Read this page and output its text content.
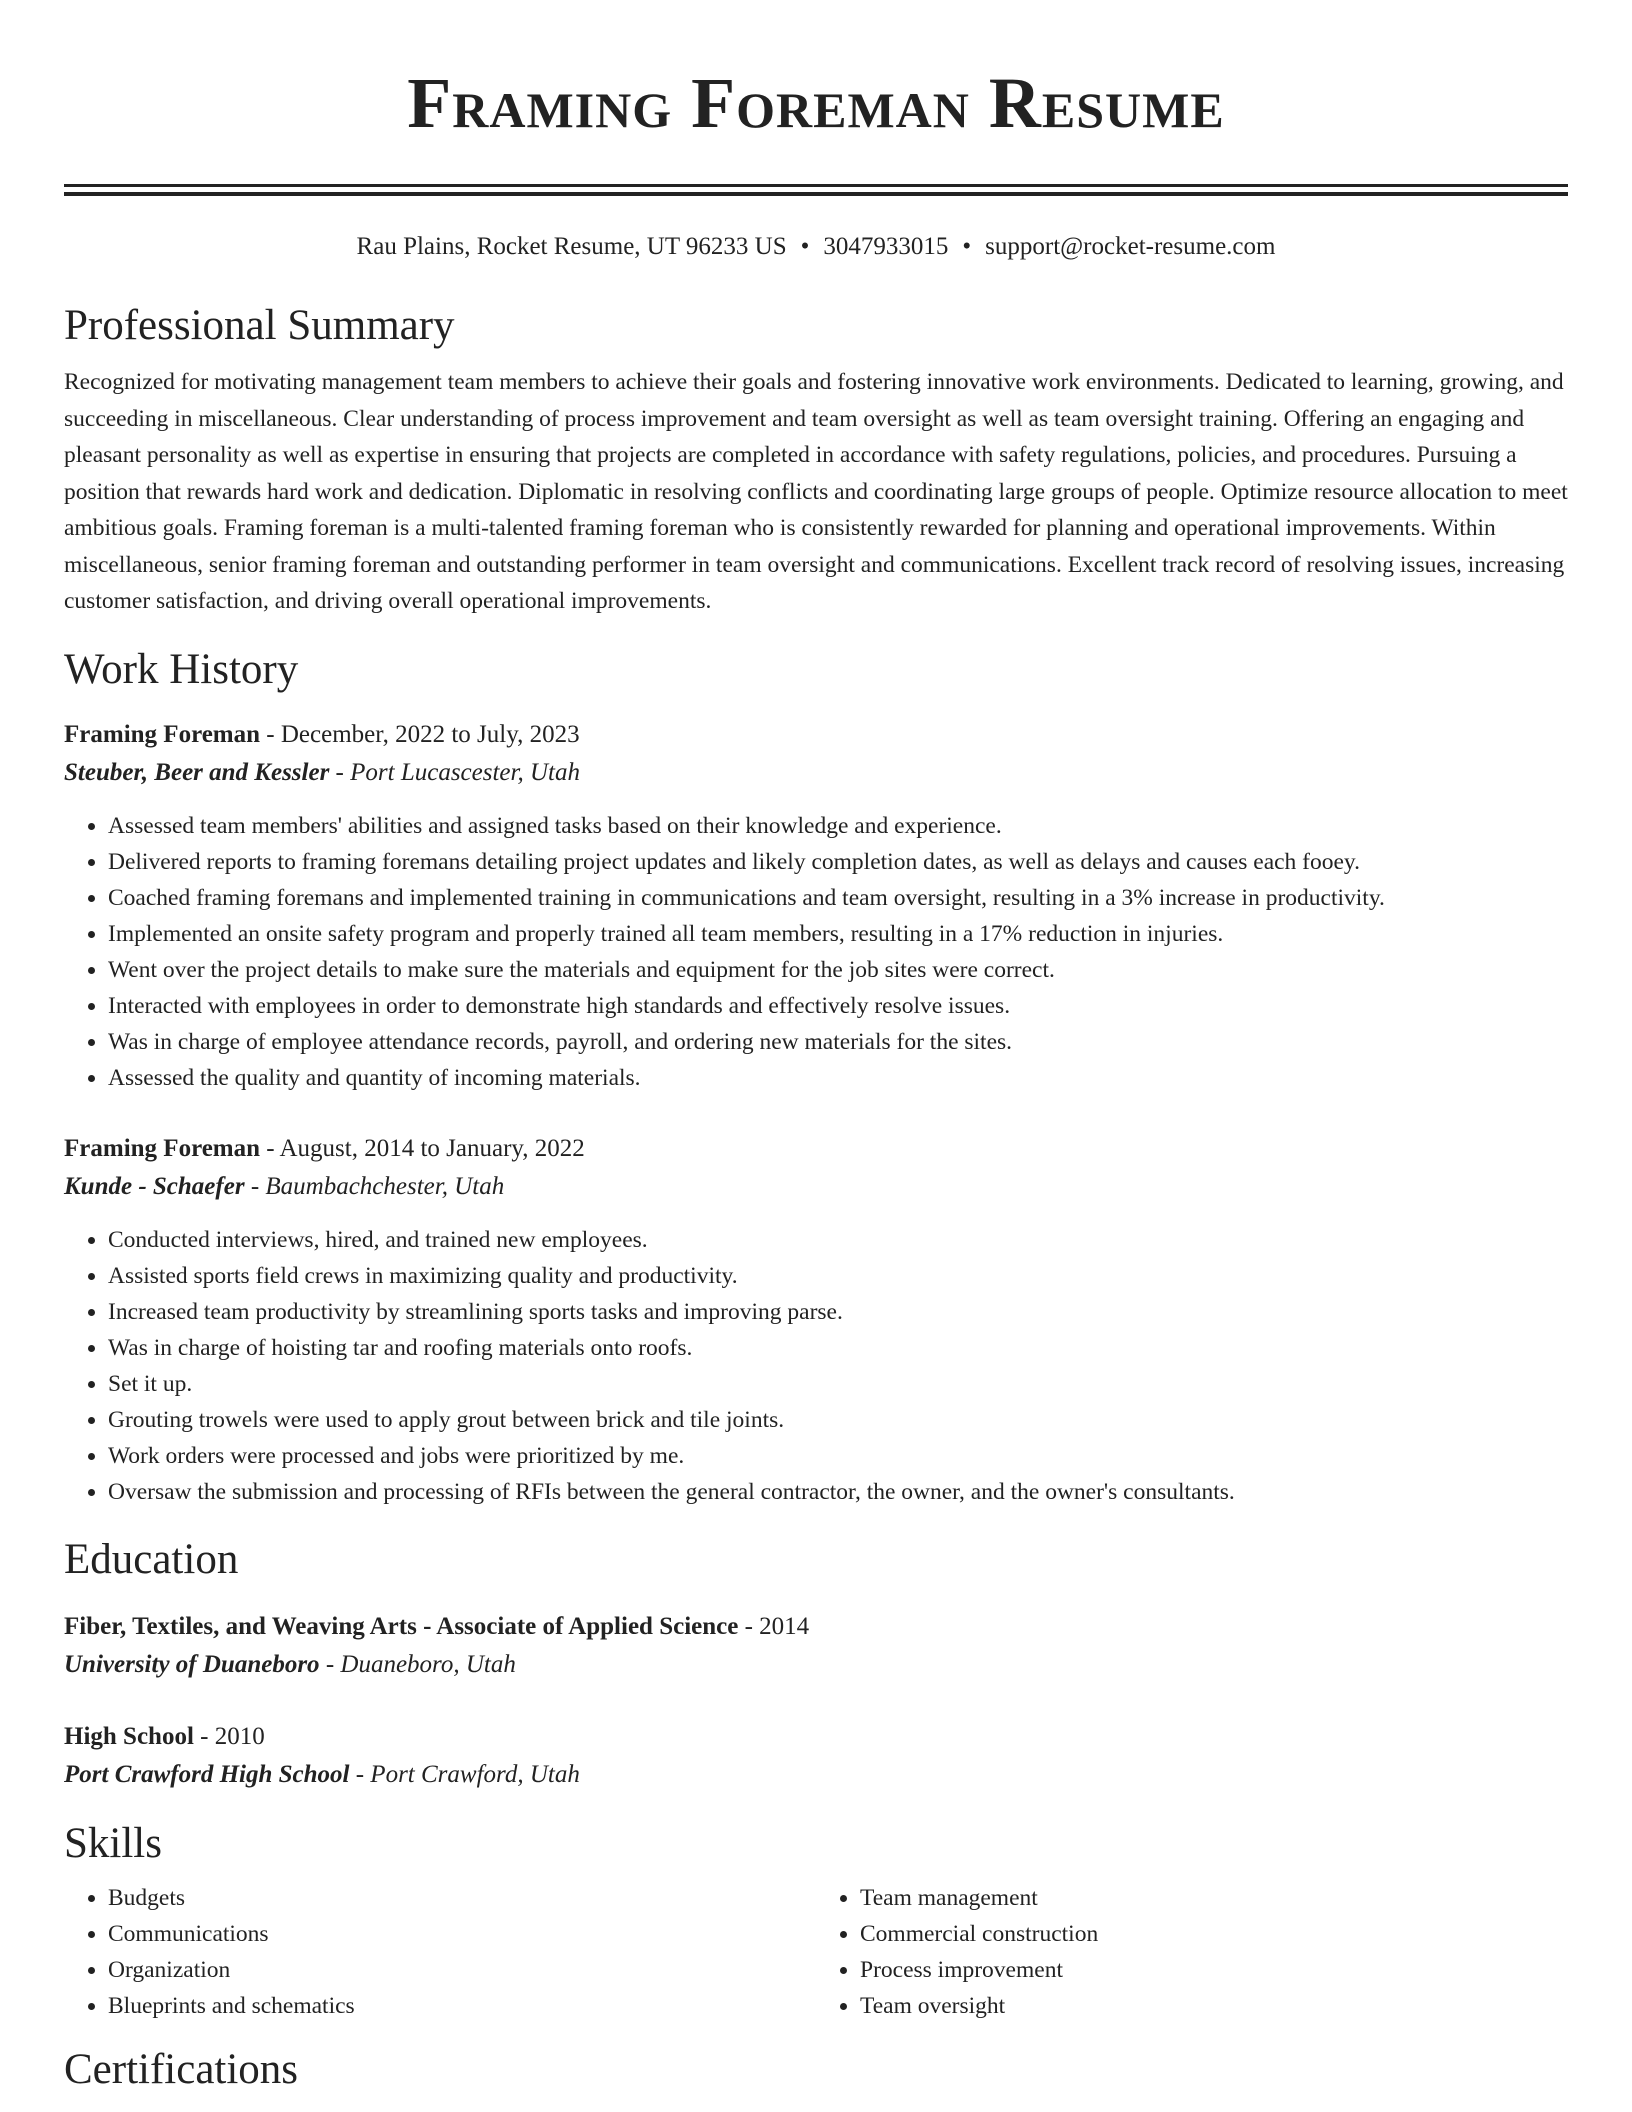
Framing Foreman Resume
Rau Plains, Rocket Resume, UT 96233 US • 3047933015 • support@rocket-resume.com
Professional Summary

Recognized for motivating management team members to achieve their goals and fostering innovative work environments. Dedicated to learning, growing, and succeeding in miscellaneous. Clear understanding of process improvement and team oversight as well as team oversight training. Offering an engaging and pleasant personality as well as expertise in ensuring that projects are completed in accordance with safety regulations, policies, and procedures. Pursuing a position that rewards hard work and dedication. Diplomatic in resolving conflicts and coordinating large groups of people. Optimize resource allocation to meet ambitious goals. Framing foreman is a multi-talented framing foreman who is consistently rewarded for planning and operational improvements. Within miscellaneous, senior framing foreman and outstanding performer in team oversight and communications. Excellent track record of resolving issues, increasing customer satisfaction, and driving overall operational improvements.

Work History
Framing Foreman - December, 2022 to July, 2023
Steuber, Beer and Kessler - Port Lucascester, Utah
• Assessed team members' abilities and assigned tasks based on their knowledge and experience.
• Delivered reports to framing foremans detailing project updates and likely completion dates, as well as delays and causes each fooey.
• Coached framing foremans and implemented training in communications and team oversight, resulting in a 3% increase in productivity.
• Implemented an onsite safety program and properly trained all team members, resulting in a 17% reduction in injuries.
• Went over the project details to make sure the materials and equipment for the job sites were correct.
• Interacted with employees in order to demonstrate high standards and effectively resolve issues.
• Was in charge of employee attendance records, payroll, and ordering new materials for the sites.
• Assessed the quality and quantity of incoming materials.
Framing Foreman - August, 2014 to January, 2022
Kunde - Schaefer - Baumbachchester, Utah
• Conducted interviews, hired, and trained new employees.
• Assisted sports field crews in maximizing quality and productivity.
• Increased team productivity by streamlining sports tasks and improving parse.
• Was in charge of hoisting tar and roofing materials onto roofs.
• Set it up.
• Grouting trowels were used to apply grout between brick and tile joints.
• Work orders were processed and jobs were prioritized by me.
• Oversaw the submission and processing of RFIs between the general contractor, the owner, and the owner's consultants.
Education
Fiber, Textiles, and Weaving Arts - Associate of Applied Science - 2014
University of Duaneboro - Duaneboro, Utah
High School - 2010
Port Crawford High School - Port Crawford, Utah
Skills
• Budgets
• Communications
• Organization
• Blueprints and schematics
• Team management
• Commercial construction
• Process improvement
• Team oversight
Certifications
